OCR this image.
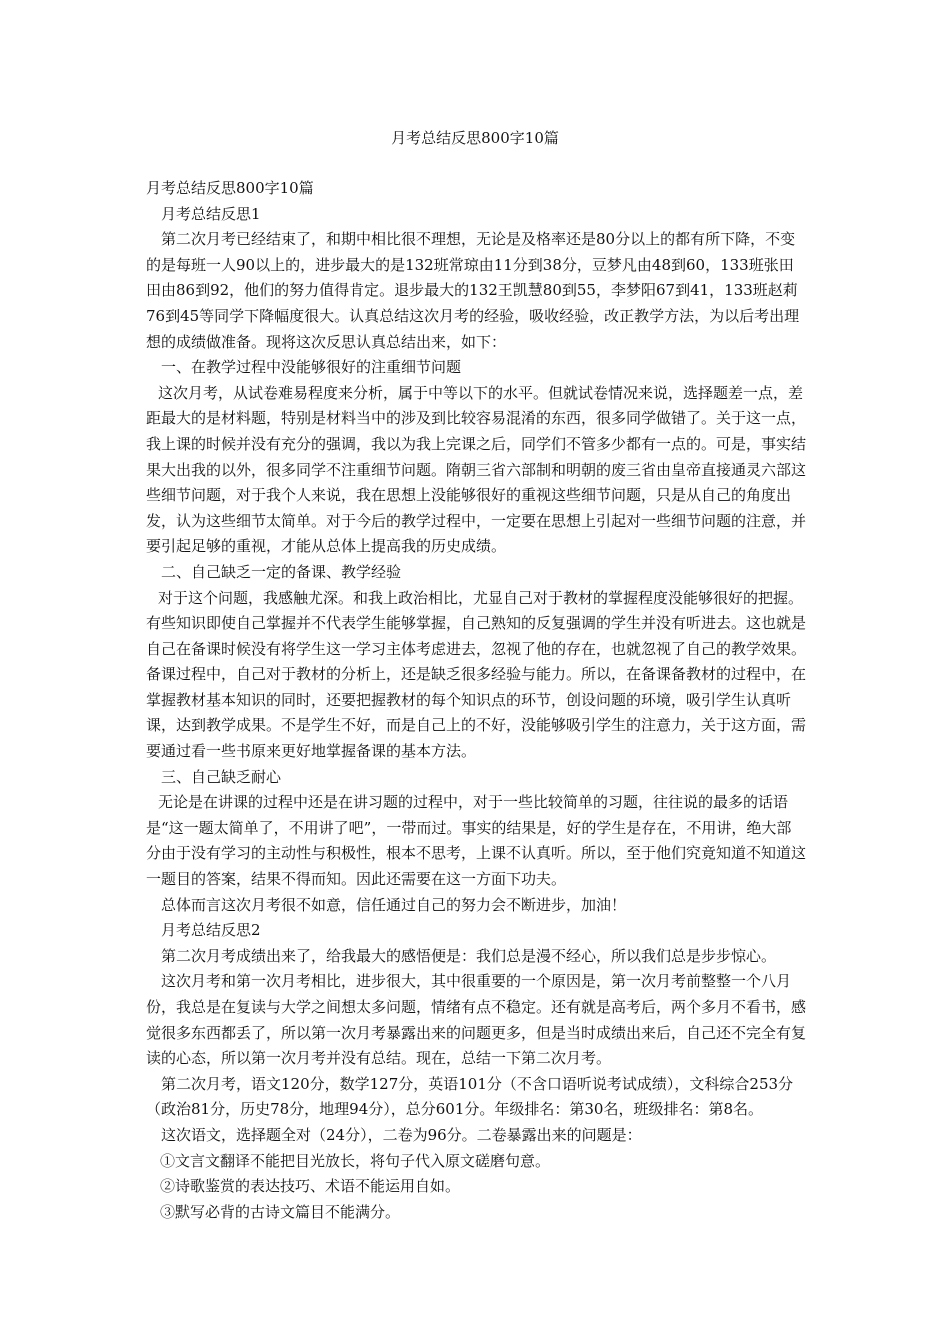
月考总结反思800字10篇

月考总结反思800字10篇

月考总结反思1

第二次月考已经结束了，和期中相比很不理想，无论是及格率还是80分以上的都有所下降，不变的是每班一人90以上的，进步最大的是132班常琼由11分到38分，豆梦凡由48到60，133班张田田由86到92，他们的努力值得肯定。退步最大的132王凯慧80到55，李梦阳67到41，133班赵莉76到45等同学下降幅度很大。认真总结这次月考的经验，吸收经验，改正教学方法，为以后考出理想的成绩做准备。现将这次反思认真总结出来，如下：

一、在教学过程中没能够很好的注重细节问题

这次月考，从试卷难易程度来分析，属于中等以下的水平。但就试卷情况来说，选择题差一点，差距最大的是材料题，特别是材料当中的涉及到比较容易混淆的东西，很多同学做错了。关于这一点，我上课的时候并没有充分的强调，我以为我上完课之后，同学们不管多少都有一点的。可是，事实结果大出我的以外，很多同学不注重细节问题。隋朝三省六部制和明朝的废三省由皇帝直接通灵六部这些细节问题，对于我个人来说，我在思想上没能够很好的重视这些细节问题，只是从自己的角度出发，认为这些细节太简单。对于今后的教学过程中，一定要在思想上引起对一些细节问题的注意，并要引起足够的重视，才能从总体上提高我的历史成绩。

二、自己缺乏一定的备课、教学经验

对于这个问题，我感触尤深。和我上政治相比，尤显自己对于教材的掌握程度没能够很好的把握。有些知识即使自己掌握并不代表学生能够掌握，自己熟知的反复强调的学生并没有听进去。这也就是自己在备课时候没有将学生这一学习主体考虑进去，忽视了他的存在，也就忽视了自己的教学效果。备课过程中，自己对于教材的分析上，还是缺乏很多经验与能力。所以，在备课备教材的过程中，在掌握教材基本知识的同时，还要把握教材的每个知识点的环节，创设问题的环境，吸引学生认真听课，达到教学成果。不是学生不好，而是自己上的不好，没能够吸引学生的注意力，关于这方面，需要通过看一些书原来更好地掌握备课的基本方法。

三、自己缺乏耐心

无论是在讲课的过程中还是在讲习题的过程中，对于一些比较简单的习题，往往说的最多的话语是“这一题太简单了，不用讲了吧”，一带而过。事实的结果是，好的学生是存在，不用讲，绝大部分由于没有学习的主动性与积极性，根本不思考，上课不认真听。所以，至于他们究竟知道不知道这一题目的答案，结果不得而知。因此还需要在这一方面下功夫。

总体而言这次月考很不如意，信任通过自己的努力会不断进步，加油！

月考总结反思2

第二次月考成绩出来了，给我最大的感悟便是：我们总是漫不经心，所以我们总是步步惊心。

这次月考和第一次月考相比，进步很大，其中很重要的一个原因是，第一次月考前整整一个八月份，我总是在复读与大学之间想太多问题，情绪有点不稳定。还有就是高考后，两个多月不看书，感觉很多东西都丢了，所以第一次月考暴露出来的问题更多，但是当时成绩出来后，自己还不完全有复读的心态，所以第一次月考并没有总结。现在，总结一下第二次月考。

第二次月考，语文120分，数学127分，英语101分（不含口语听说考试成绩），文科综合253分（政治81分，历史78分，地理94分），总分601分。年级排名：第30名，班级排名：第8名。

这次语文，选择题全对（24分），二卷为96分。二卷暴露出来的问题是：

①文言文翻译不能把目光放长，将句子代入原文磋磨句意。

②诗歌鉴赏的表达技巧、术语不能运用自如。

③默写必背的古诗文篇目不能满分。
